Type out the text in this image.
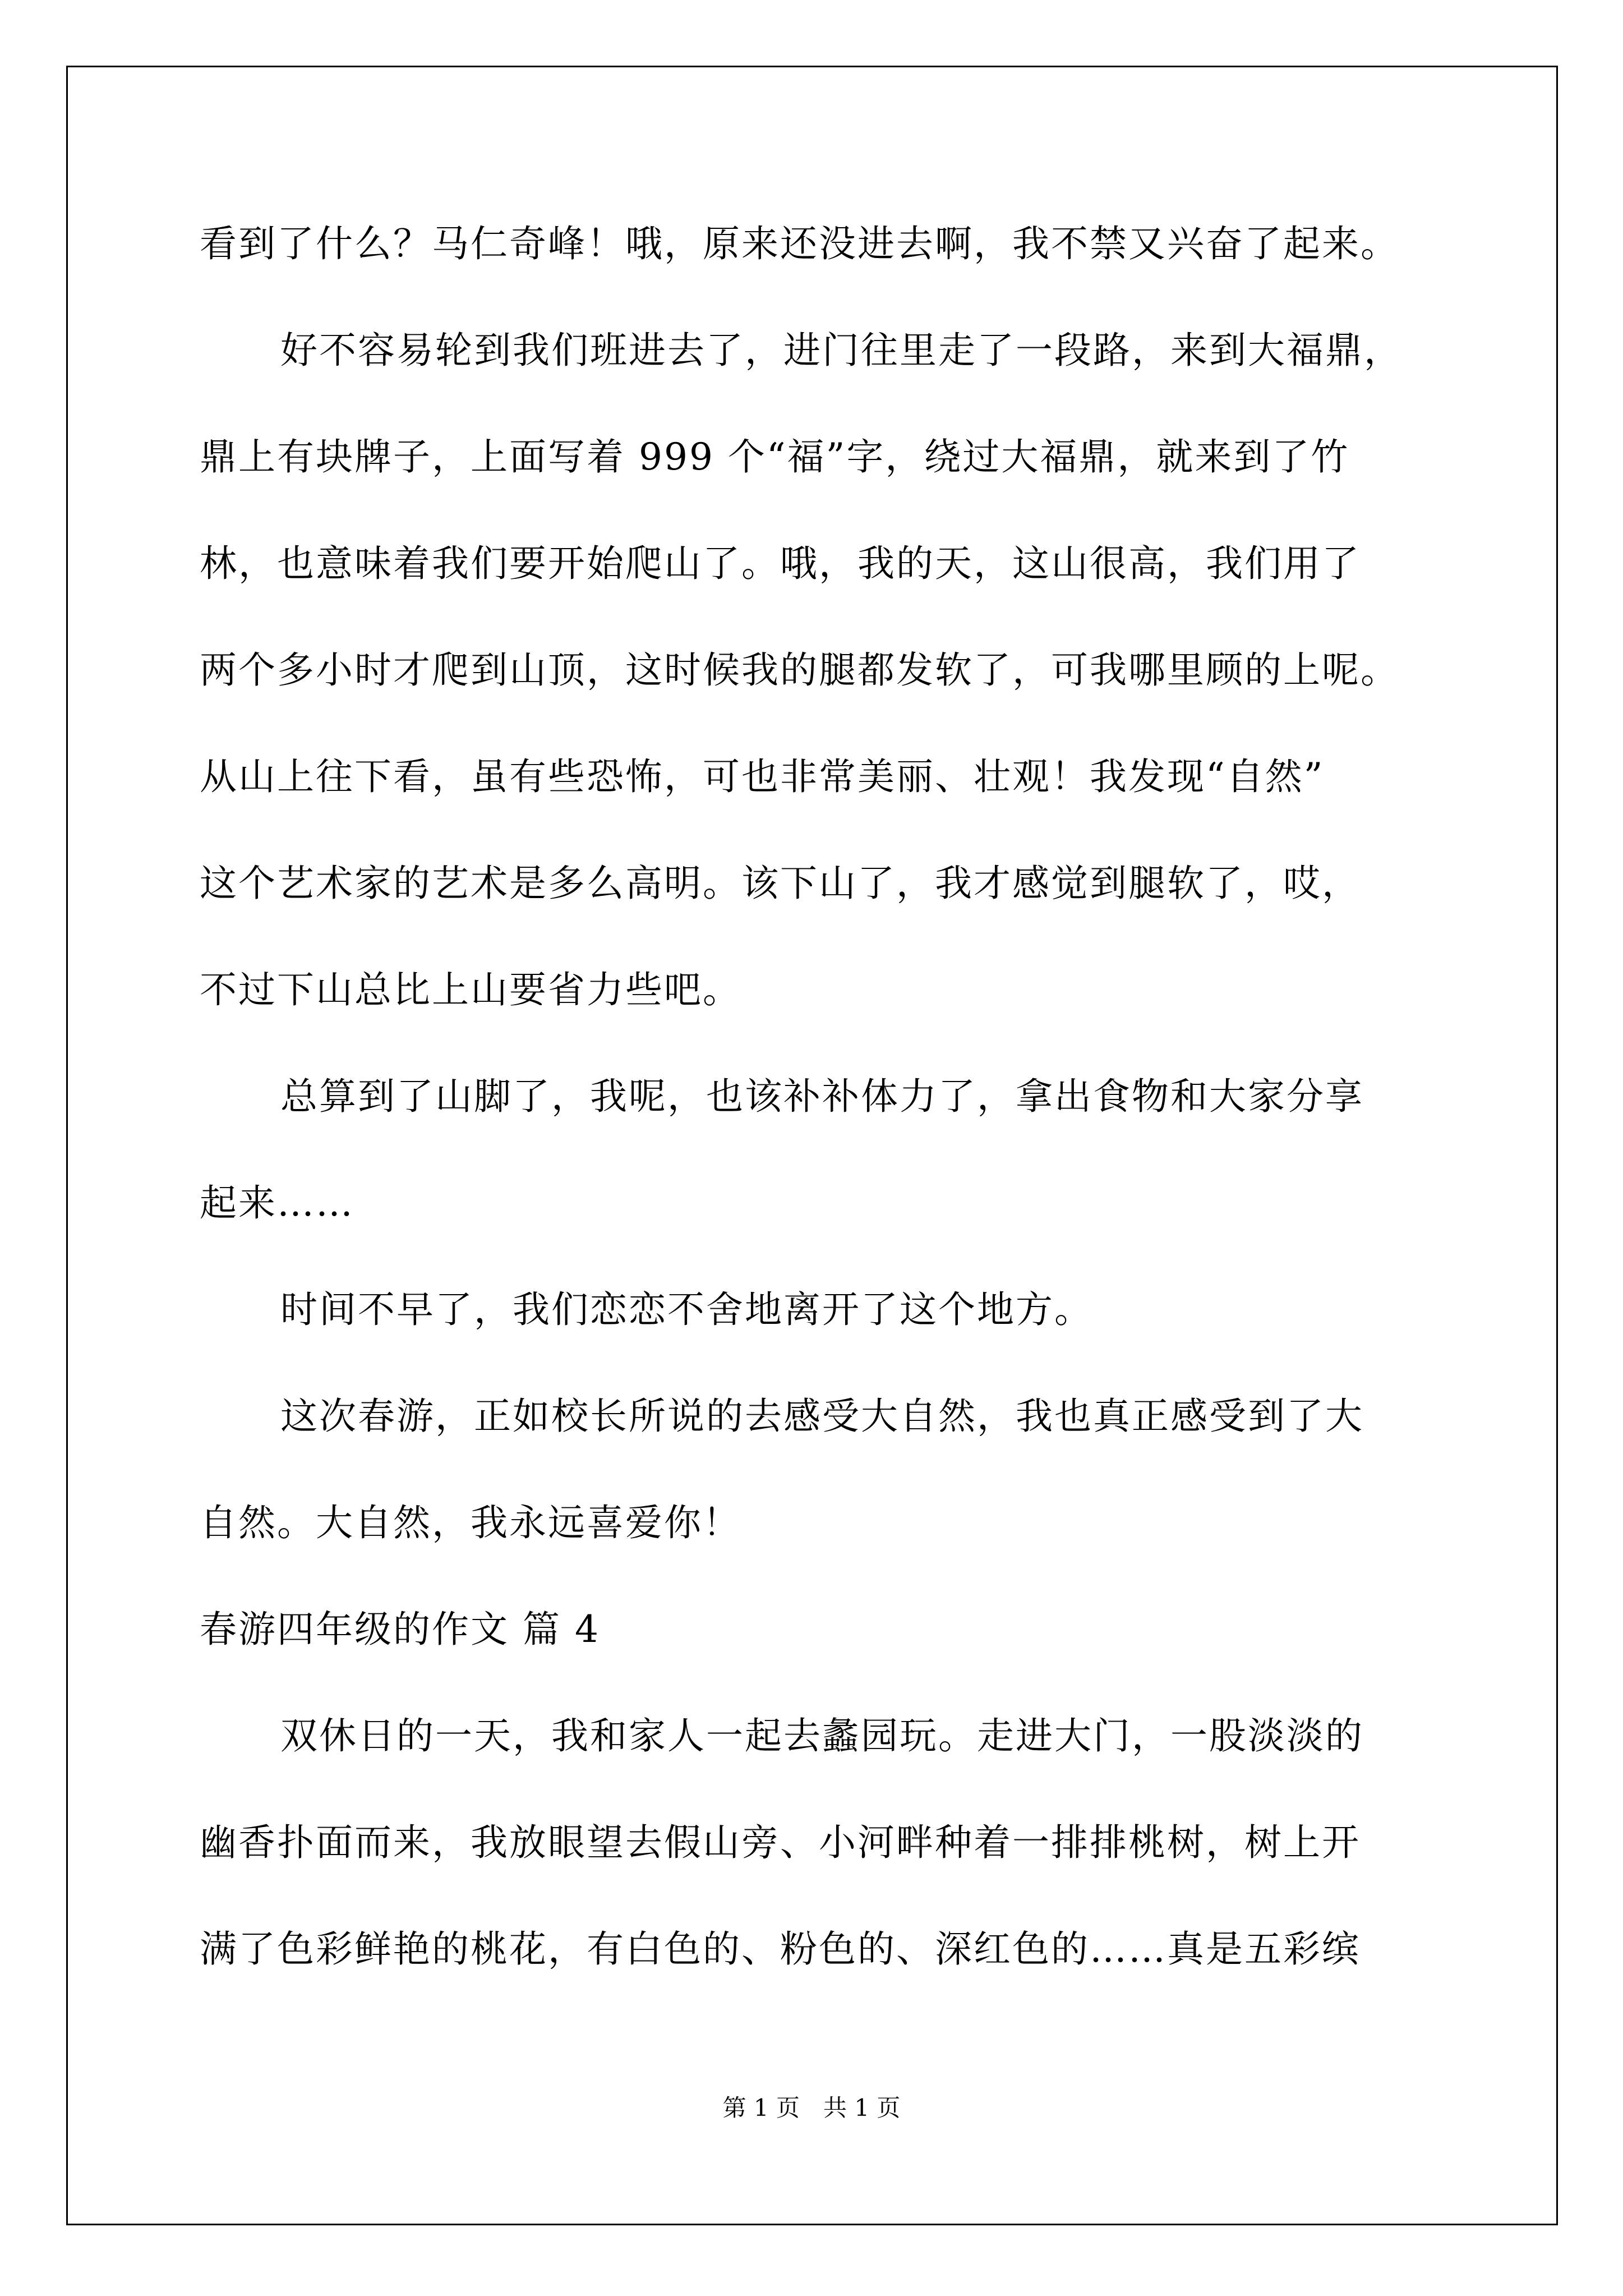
看到了什么？马仁奇峰！哦，原来还没进去啊，我不禁又兴奋了起来。
好不容易轮到我们班进去了，进门往里走了一段路，来到大福鼎，
鼎上有块牌子，上面写着 999 个“福”字，绕过大福鼎，就来到了竹
林，也意味着我们要开始爬山了。哦，我的天，这山很高，我们用了
两个多小时才爬到山顶，这时候我的腿都发软了，可我哪里顾的上呢。
从山上往下看，虽有些恐怖，可也非常美丽、壮观！我发现“自然”
这个艺术家的艺术是多么高明。该下山了，我才感觉到腿软了，哎，
不过下山总比上山要省力些吧。
总算到了山脚了，我呢，也该补补体力了，拿出食物和大家分享
起来……
时间不早了，我们恋恋不舍地离开了这个地方。
这次春游，正如校长所说的去感受大自然，我也真正感受到了大
自然。大自然，我永远喜爱你！
春游四年级的作文 篇 4
双休日的一天，我和家人一起去蠡园玩。走进大门，一股淡淡的
幽香扑面而来，我放眼望去假山旁、小河畔种着一排排桃树，树上开
满了色彩鲜艳的桃花，有白色的、粉色的、深红色的……真是五彩缤
第 1 页　共 1 页
